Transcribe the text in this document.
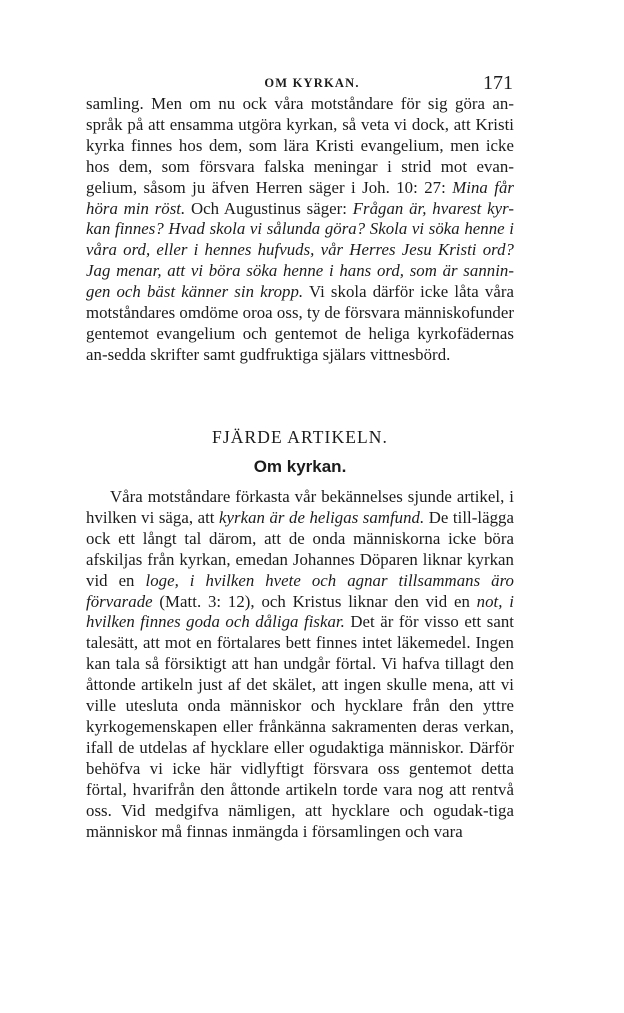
OM KYRKAN.	171

samling. Men om nu ock våra motståndare för sig göra an-språk på att ensamma utgöra kyrkan, så veta vi dock, att Kristi kyrka finnes hos dem, som lära Kristi evangelium, men icke hos dem, som försvara falska meningar i strid mot evan-gelium, såsom ju äfven Herren säger i Joh. 10: 27: Mina får höra min röst. Och Augustinus säger: Frågan är, hvarest kyr-kan finnes? Hvad skola vi sålunda göra? Skola vi söka henne i våra ord, eller i hennes hufvuds, vår Herres Jesu Kristi ord? Jag menar, att vi böra söka henne i hans ord, som är sannin-gen och bäst känner sin kropp. Vi skola därför icke låta våra motståndares omdöme oroa oss, ty de försvara människofunder gentemot evangelium och gentemot de heliga kyrkofädernas an-sedda skrifter samt gudfruktiga själars vittnesbörd.

FJÄRDE ARTIKELN.
Om kyrkan.

Våra motståndare förkasta vår bekännelses sjunde artikel, i hvilken vi säga, att kyrkan är de heligas samfund. De till-lägga ock ett långt tal därom, att de onda människorna icke böra afskiljas från kyrkan, emedan Johannes Döparen liknar kyrkan vid en loge, i hvilken hvete och agnar tillsammans äro förvarade (Matt. 3: 12), och Kristus liknar den vid en not, i hvilken finnes goda och dåliga fiskar. Det är för visso ett sant talesätt, att mot en förtalares bett finnes intet läkemedel. Ingen kan tala så försiktigt att han undgår förtal. Vi hafva tillagt den åttonde artikeln just af det skälet, att ingen skulle mena, att vi ville utesluta onda människor och hycklare från den yttre kyrkogemenskapen eller frånkänna sakramenten deras verkan, ifall de utdelas af hycklare eller ogudaktiga människor. Därför behöfva vi icke här vidlyftigt försvara oss gentemot detta förtal, hvarifrån den åttonde artikeln torde vara nog att rentvå oss. Vid medgifva nämligen, att hycklare och ogudak-tiga människor må finnas inmängda i församlingen och vara
